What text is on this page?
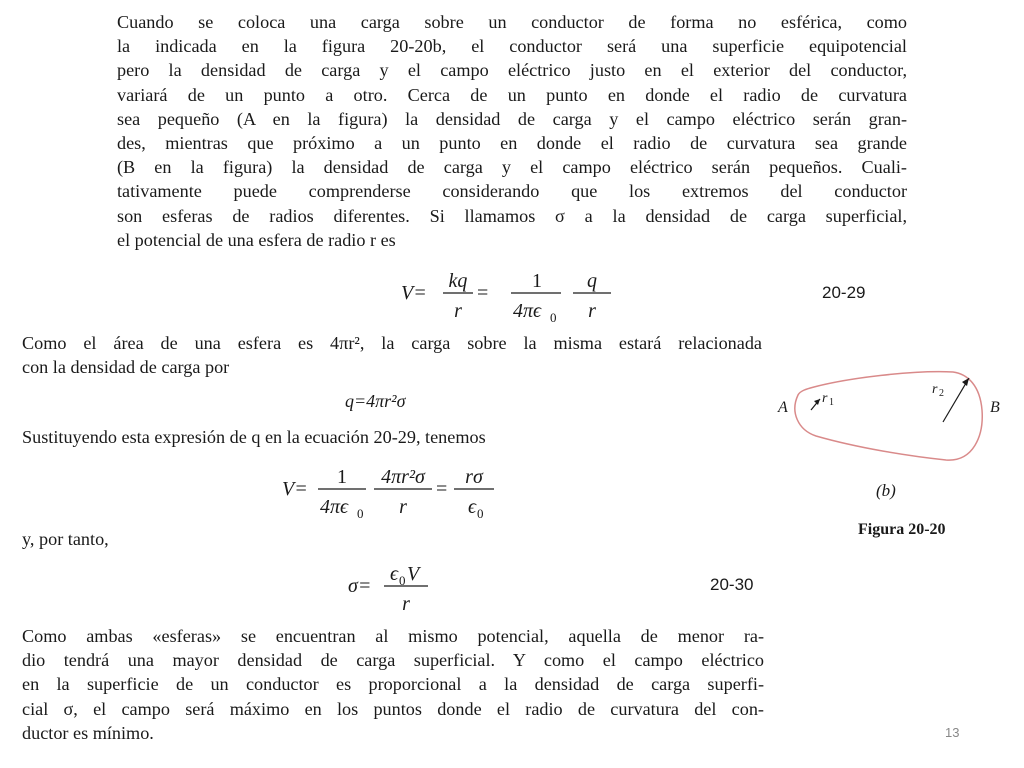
Cuando se coloca una carga sobre un conductor de forma no esférica, como
la indicada en la figura 20-20b, el conductor será una superficie equipotencial
pero la densidad de carga y el campo eléctrico justo en el exterior del conductor,
variará de un punto a otro. Cerca de un punto en donde el radio de curvatura
sea pequeño (A en la figura) la densidad de carga y el campo eléctrico serán gran-
des, mientras que próximo a un punto en donde el radio de curvatura sea grande
(B en la figura) la densidad de carga y el campo eléctrico serán pequeños. Cuali-
tativamente puede comprenderse considerando que los extremos del conductor
son esferas de radios diferentes. Si llamamos σ a la densidad de carga superficial,
el potencial de una esfera de radio r es
V=
kq
r
=
1
4πϵ 0
q
r
20-29
Como el área de una esfera es 4πr², la carga sobre la misma estará relacionada
con la densidad de carga por
q=4πr²σ
Sustituyendo esta expresión de q en la ecuación 20-29, tenemos
V=
1
4πϵ 0
4πr²σ
r
=
rσ
ϵ 0
y, por tanto,
σ=
ϵ 0 V
r
20-30
Como ambas «esferas» se encuentran al mismo potencial, aquella de menor ra-
dio tendrá una mayor densidad de carga superficial. Y como el campo eléctrico
en la superficie de un conductor es proporcional a la densidad de carga superfi-
cial σ, el campo será máximo en los puntos donde el radio de curvatura del con-
ductor es mínimo.
A	B
r 1
r 2
(b)
Figura 20-20
13
